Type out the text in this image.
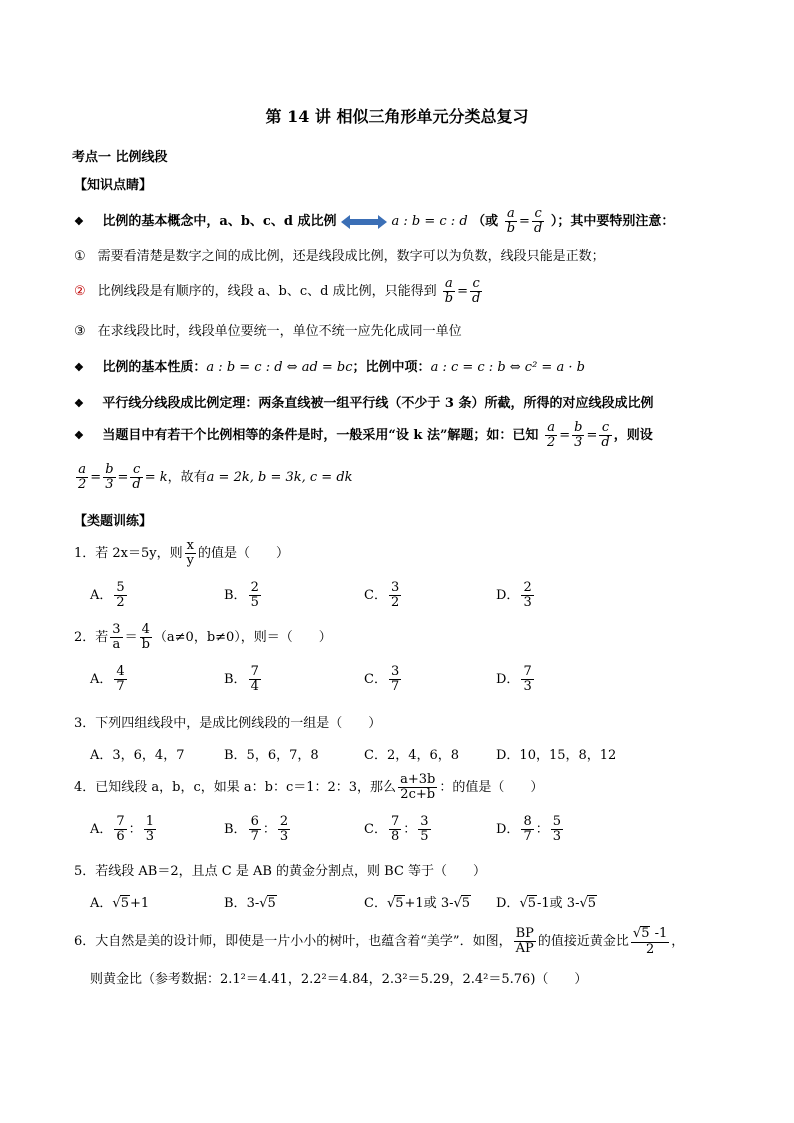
第 14 讲 相似三角形单元分类总复习
考点一 比例线段
【知识点睛】
❖ 比例的基本概念中，a、b、c、d 成比例	a : b = c : d （或 $\frac{a}{b} = \frac{c}{d}$ ）；其中要特别注意：
① 需要看清楚是数字之间的成比例，还是线段成比例，数字可以为负数，线段只能是正数；
② 比例线段是有顺序的，线段 a、b、c、d 成比例，只能得到 $\frac{a}{b} = \frac{c}{d}$
③ 在求线段比时，线段单位要统一，单位不统一应先化成同一单位
❖ 比例的基本性质：a : b = c : d ⇔ ad = bc；比例中项：a : c = c : b ⇔ c² = a · b
❖ 平行线分线段成比例定理：两条直线被一组平行线（不少于 3 条）所截，所得的对应线段成比例
❖ 当题目中有若干个比例相等的条件是时，一般采用“设 k 法”解题；如：已知 $\frac{a}{2} = \frac{b}{3} = \frac{c}{d}$ ，则设
$\frac{a}{2} = \frac{b}{3} = \frac{c}{d} = k$，故有a = 2k, b = 3k, c = dk
【类题训练】
1．若 2x＝5y，则 $\frac{x}{y}$ 的值是（　　）
A． $\frac{5}{2}$	B． $\frac{2}{5}$	C． $\frac{3}{2}$	D． $\frac{2}{3}$
2．若 $\frac{3}{a} = \frac{4}{b} (a\ne 0$，b≠0），则＝（　　）
A． $\frac{4}{7}$	B． $\frac{7}{4}$	C． $\frac{3}{7}$	D． $\frac{7}{3}$
3．下列四组线段中，是成比例线段的一组是（　　）
A．3，6，4，7	B．5，6，7，8	C．2，4，6，8	D．10，15，8，12
4．已知线段 a，b，c，如果 a：b：c＝1：2：3，那么 $\frac{a+3b}{2c+b}$ ：的值是（　　）
A． $\frac{7}{6}$ ： $\frac{1}{3}$	B． $\frac{6}{7}$ ： $\frac{2}{3}$	C． $\frac{7}{8}$ ： $\frac{3}{5}$	D． $\frac{8}{7}$ ： $\frac{5}{3}$
5．若线段 AB＝2，且点 C 是 AB 的黄金分割点，则 BC 等于（　　）
A．√5+1	B．3-√5	C．√5+1或 3-√5 D．√5-1或 3-√5
6．大自然是美的设计师，即使是一片小小的树叶，也蕴含着“美学”．如图， $\frac{BP}{AP}$ 的值接近黄金比 $\frac{√5 -1}{2}$ ，
则黄金比（参考数据：2.1²＝4.41，2.2²＝4.84，2.3²＝5.29，2.4²＝5.76)（　　）
